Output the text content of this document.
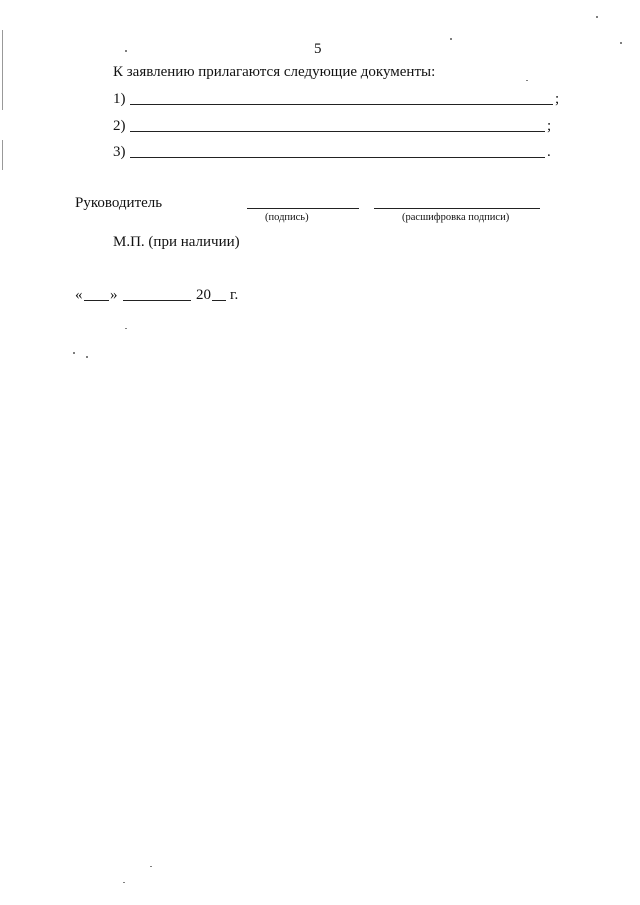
5
К заявлению прилагаются следующие документы:
1)	;
2)	;
3)	.
Руководитель
(подпись)	(расшифровка подписи)
М.П. (при наличии)
« »	20 г.
